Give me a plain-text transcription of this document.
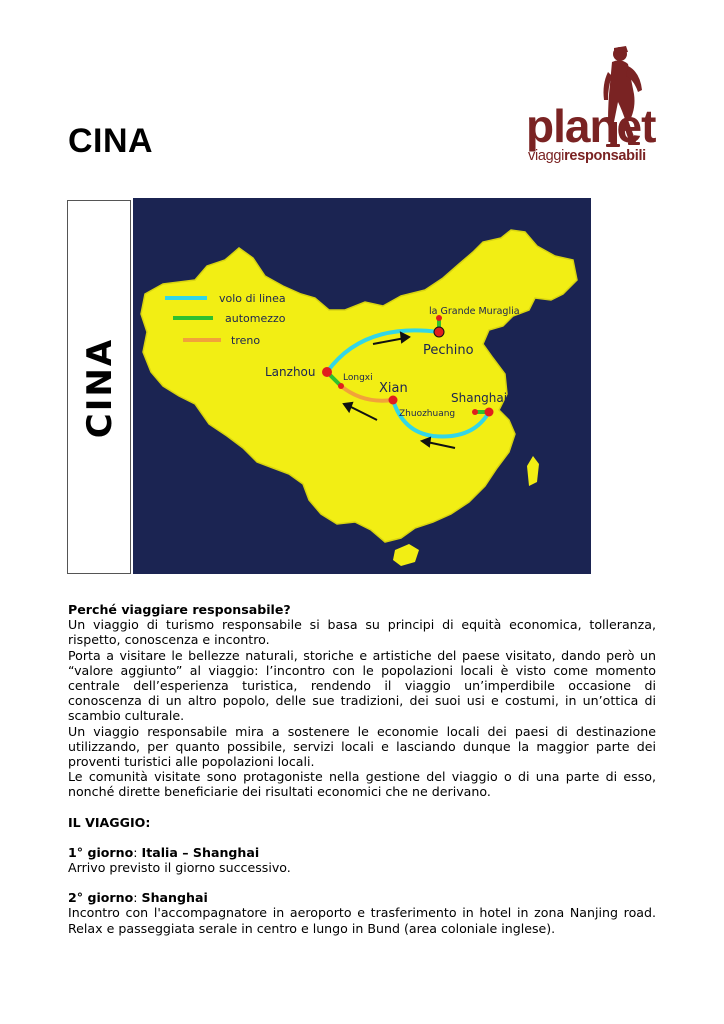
CINA	planet
viaggiresponsabili
CINA
volo di linea
automezzo
treno
Lanzhou	Longxi
Xian
Pechino
la Grande Muraglia
Shanghai
Zhuozhuang

Perché viaggiare responsabile?

Un viaggio di turismo responsabile si basa su principi di equità economica, tolleranza, rispetto, conoscenza e incontro.

Porta a visitare le bellezze naturali, storiche e artistiche del paese visitato, dando però un “valore aggiunto” al viaggio: l’incontro con le popolazioni locali è visto come momento centrale dell’esperienza turistica, rendendo il viaggio un’imperdibile occasione di conoscenza di un altro popolo, delle sue tradizioni, dei suoi usi e costumi, in un’ottica di scambio culturale.

Un viaggio responsabile mira a sostenere le economie locali dei paesi di destinazione utilizzando, per quanto possibile, servizi locali e lasciando dunque la maggior parte dei proventi turistici alle popolazioni locali.

Le comunità visitate sono protagoniste nella gestione del viaggio o di una parte di esso, nonché dirette beneficiarie dei risultati economici che ne derivano.

IL VIAGGIO:

1° giorno: Italia – Shanghai

Arrivo previsto il giorno successivo.

2° giorno: Shanghai

Incontro con l'accompagnatore in aeroporto e trasferimento in hotel in zona Nanjing road. Relax e passeggiata serale in centro e lungo in Bund (area coloniale inglese).
